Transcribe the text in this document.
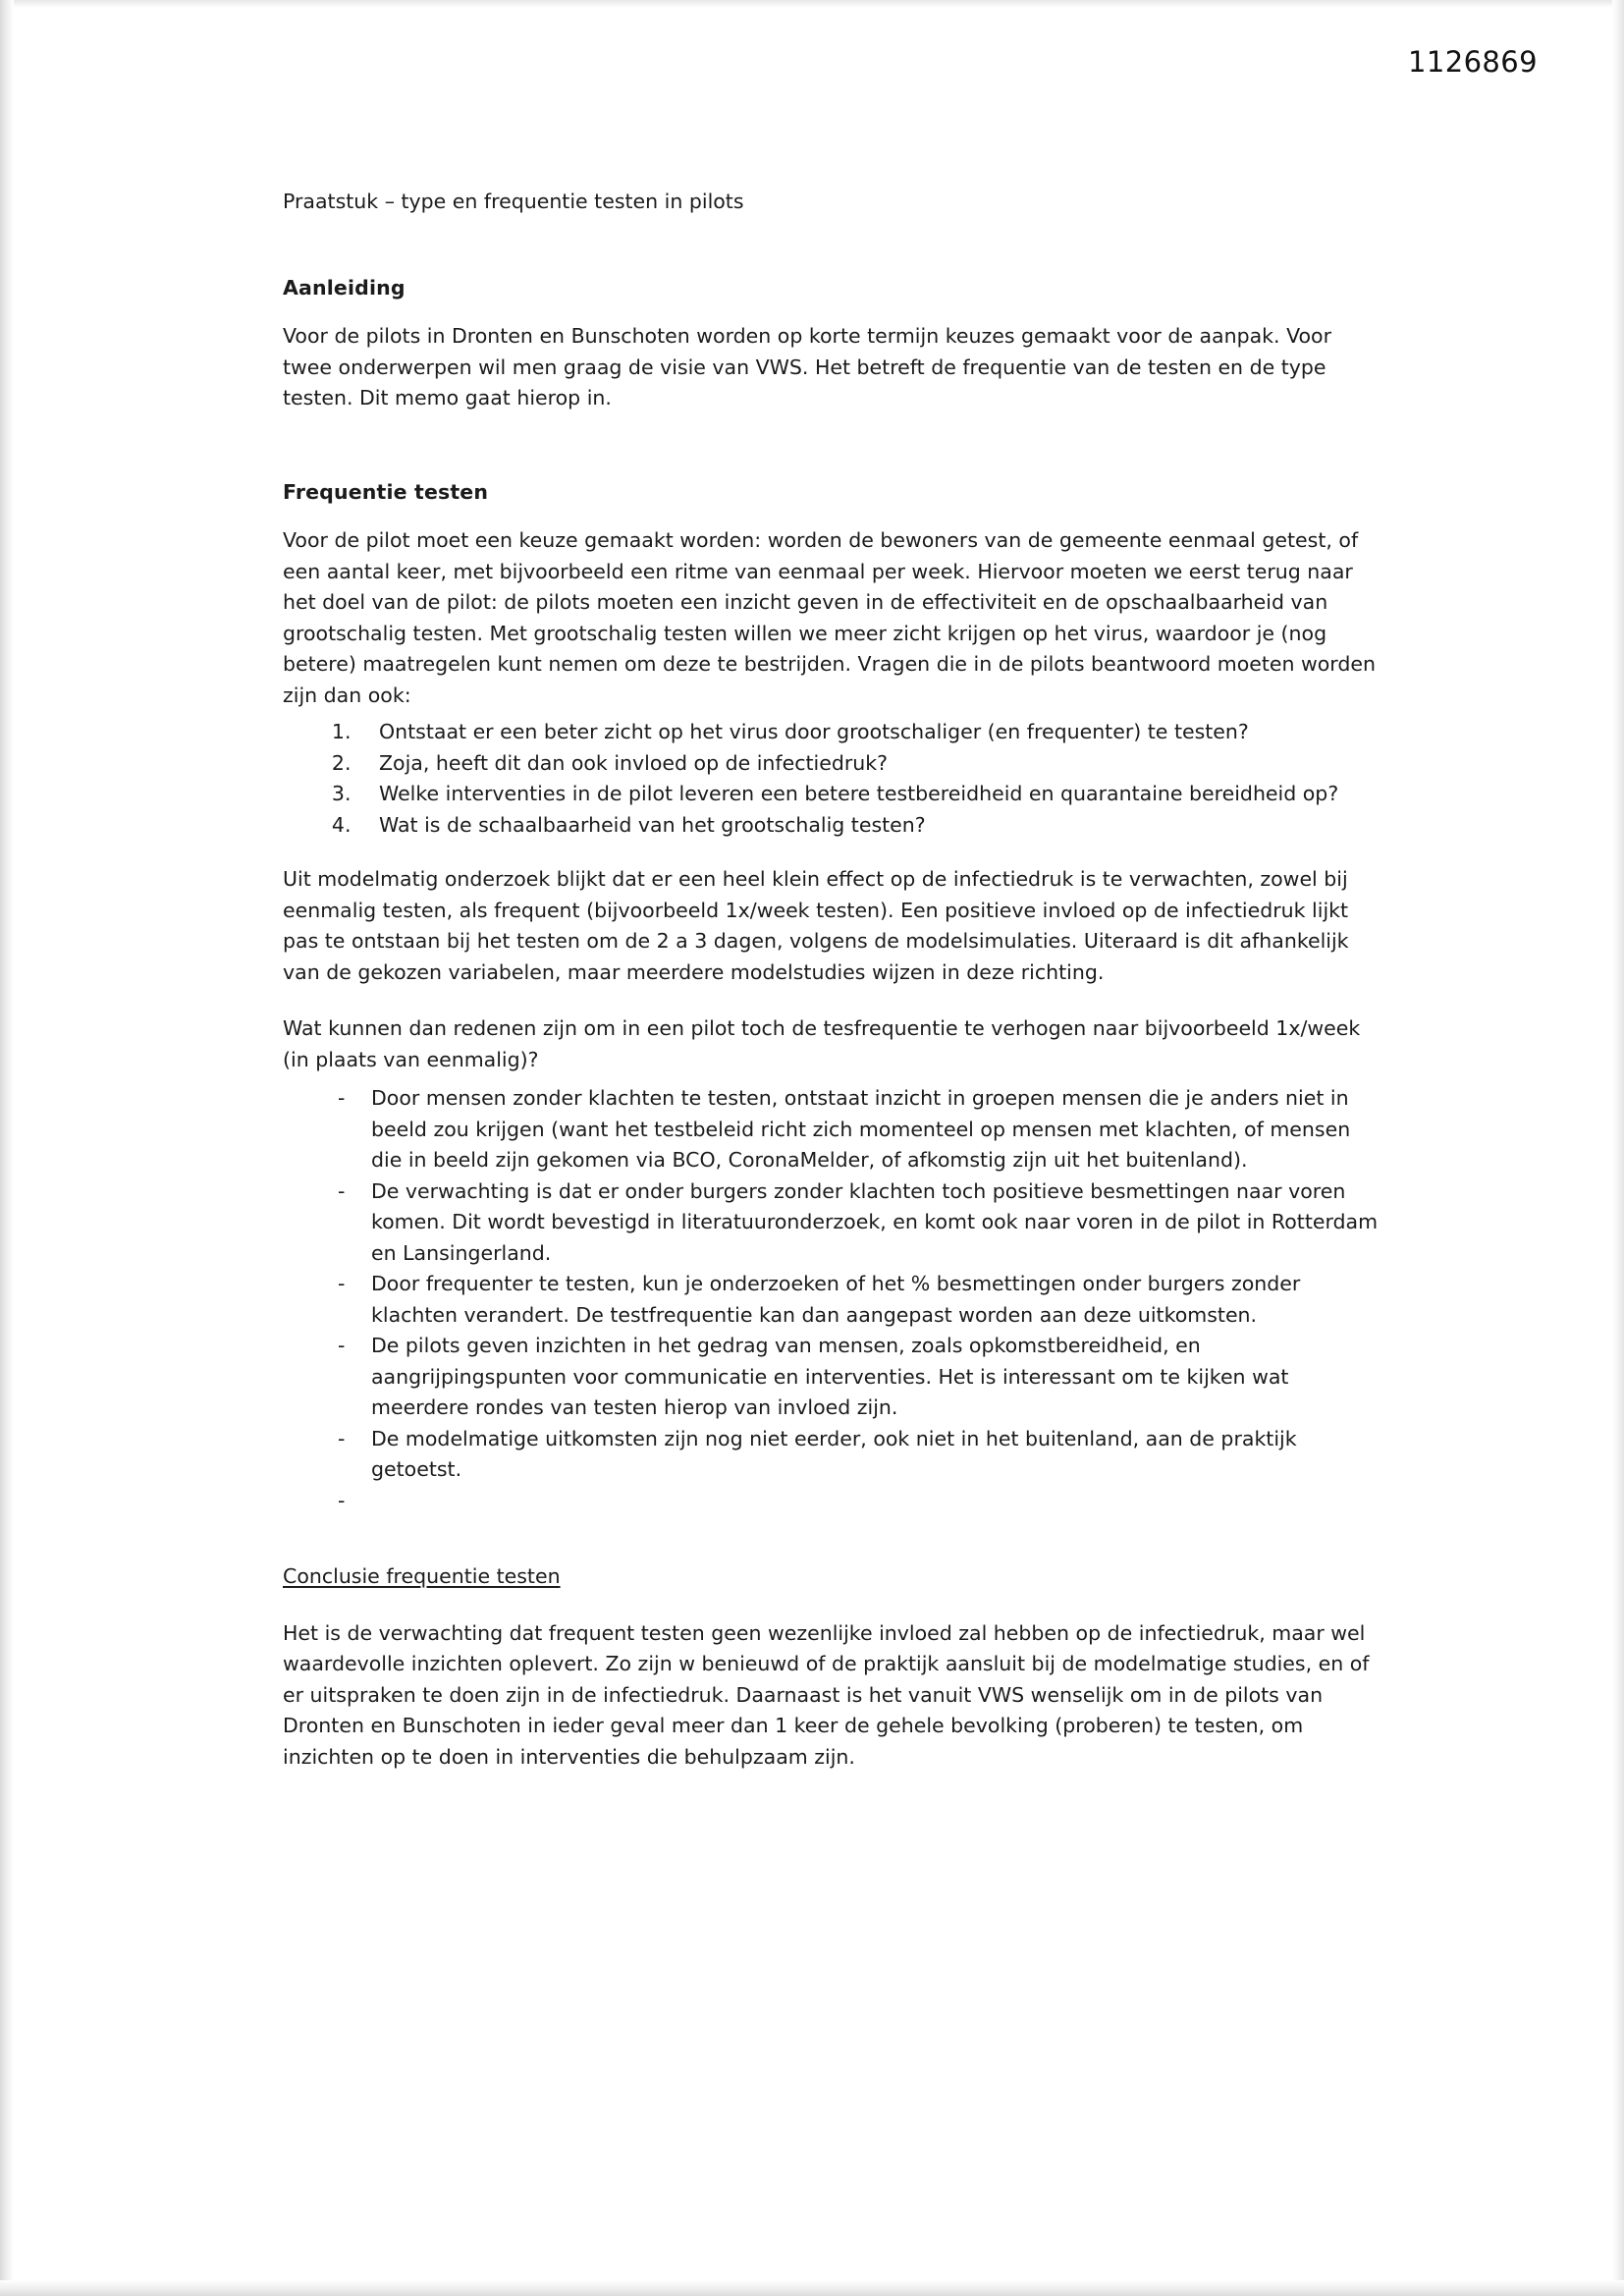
1126869

Praatstuk – type en frequentie testen in pilots

Aanleiding

Voor de pilots in Dronten en Bunschoten worden op korte termijn keuzes gemaakt voor de aanpak. Voor twee onderwerpen wil men graag de visie van VWS. Het betreft de frequentie van de testen en de type testen. Dit memo gaat hierop in.

Frequentie testen

Voor de pilot moet een keuze gemaakt worden: worden de bewoners van de gemeente eenmaal getest, of een aantal keer, met bijvoorbeeld een ritme van eenmaal per week. Hiervoor moeten we eerst terug naar het doel van de pilot: de pilots moeten een inzicht geven in de effectiviteit en de opschaalbaarheid van grootschalig testen. Met grootschalig testen willen we meer zicht krijgen op het virus, waardoor je (nog betere) maatregelen kunt nemen om deze te bestrijden. Vragen die in de pilots beantwoord moeten worden zijn dan ook:

1. Ontstaat er een beter zicht op het virus door grootschaliger (en frequenter) te testen?
2. Zoja, heeft dit dan ook invloed op de infectiedruk?
3. Welke interventies in de pilot leveren een betere testbereidheid en quarantaine bereidheid op?
4. Wat is de schaalbaarheid van het grootschalig testen?

Uit modelmatig onderzoek blijkt dat er een heel klein effect op de infectiedruk is te verwachten, zowel bij eenmalig testen, als frequent (bijvoorbeeld 1x/week testen). Een positieve invloed op de infectiedruk lijkt pas te ontstaan bij het testen om de 2 a 3 dagen, volgens de modelsimulaties. Uiteraard is dit afhankelijk van de gekozen variabelen, maar meerdere modelstudies wijzen in deze richting.

Wat kunnen dan redenen zijn om in een pilot toch de tesfrequentie te verhogen naar bijvoorbeeld 1x/week (in plaats van eenmalig)?

- Door mensen zonder klachten te testen, ontstaat inzicht in groepen mensen die je anders niet in beeld zou krijgen (want het testbeleid richt zich momenteel op mensen met klachten, of mensen die in beeld zijn gekomen via BCO, CoronaMelder, of afkomstig zijn uit het buitenland).
- De verwachting is dat er onder burgers zonder klachten toch positieve besmettingen naar voren komen. Dit wordt bevestigd in literatuuronderzoek, en komt ook naar voren in de pilot in Rotterdam en Lansingerland.
- Door frequenter te testen, kun je onderzoeken of het % besmettingen onder burgers zonder klachten verandert. De testfrequentie kan dan aangepast worden aan deze uitkomsten.
- De pilots geven inzichten in het gedrag van mensen, zoals opkomstbereidheid, en aangrijpingspunten voor communicatie en interventies. Het is interessant om te kijken wat meerdere rondes van testen hierop van invloed zijn.
- De modelmatige uitkomsten zijn nog niet eerder, ook niet in het buitenland, aan de praktijk getoetst.
-

Conclusie frequentie testen

Het is de verwachting dat frequent testen geen wezenlijke invloed zal hebben op de infectiedruk, maar wel waardevolle inzichten oplevert. Zo zijn w benieuwd of de praktijk aansluit bij de modelmatige studies, en of er uitspraken te doen zijn in de infectiedruk. Daarnaast is het vanuit VWS wenselijk om in de pilots van Dronten en Bunschoten in ieder geval meer dan 1 keer de gehele bevolking (proberen) te testen, om inzichten op te doen in interventies die behulpzaam zijn.
